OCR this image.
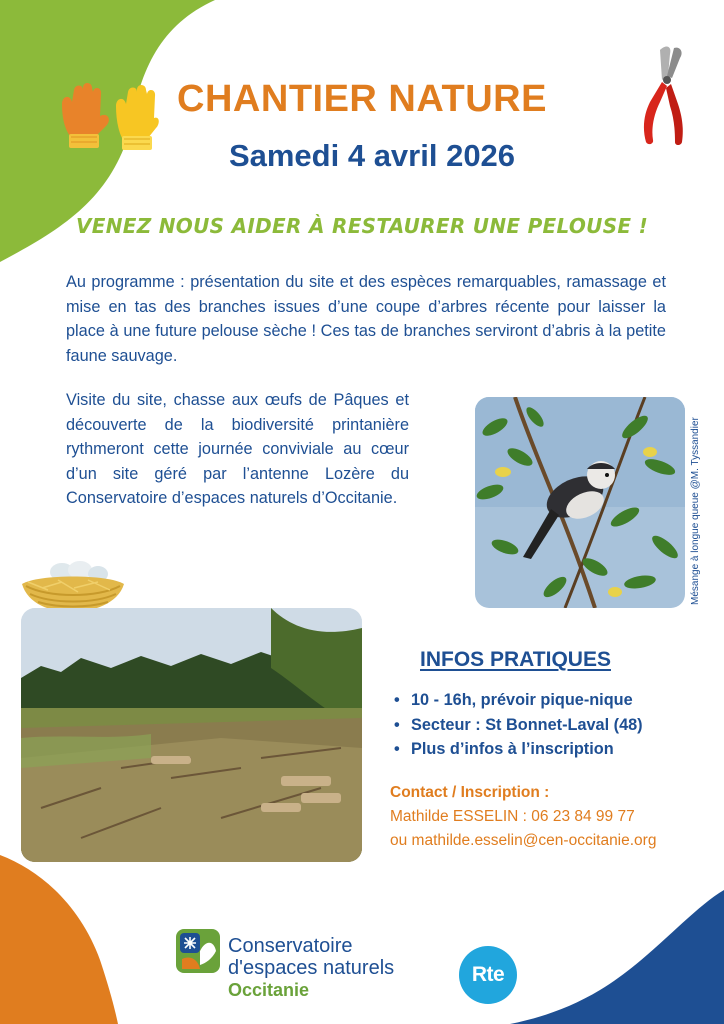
CHANTIER NATURE
Samedi 4 avril 2026
VENEZ NOUS AIDER À RESTAURER UNE PELOUSE !

Au programme : présentation du site et des espèces remarquables, ramassage et mise en tas des branches issues d’une coupe d’arbres récente pour laisser la place à une future pelouse sèche ! Ces tas de branches serviront d’abris à la petite faune sauvage.

Visite du site, chasse aux œufs de Pâques et découverte de la biodiversité printanière rythmeront cette journée conviviale au cœur d’un site géré par l’antenne Lozère du Conservatoire d’espaces naturels d’Occitanie.	Mésange à longue queue @M. Tyssandier
INFOS PRATIQUES
• 10 - 16h, prévoir pique-nique
• Secteur : St Bonnet-Laval (48)
• Plus d’infos à l’inscription
Contact / Inscription :
Mathilde ESSELIN : 06 23 84 99 77
ou mathilde.esselin@cen-occitanie.org
Conservatoire
d'espaces naturels
Occitanie
Rte
